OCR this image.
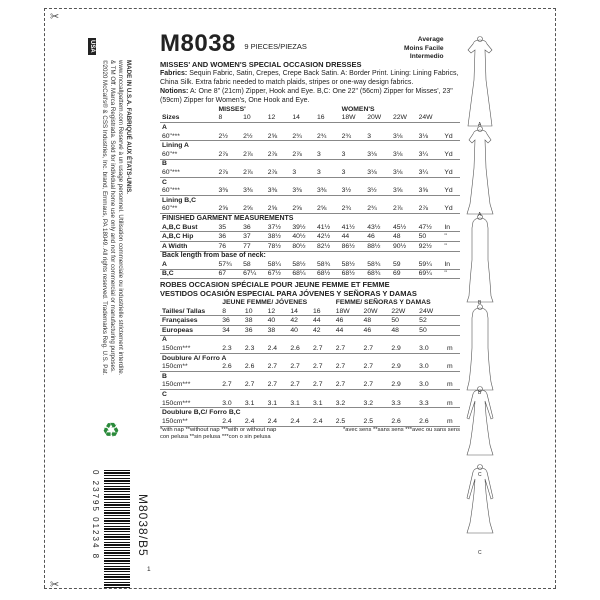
✂
✂
USA
©2020 McCall's® & CSS Industries, Inc. brand, Emmaus, PA 18049. All rights reserved. Trademarks Reg. U.S. Pat. & TM Off. Marca Registrada. Sold for individual home use only and not for commercial or manufacturing purposes. www.mccallpattern.com Reservé à un usage personnel. Utilisation commerciale ou industrielle strictement interdite. MADE IN U.S.A. FABRIQUÉ AUX ÉTATS-UNIS.
♻
0 23795 01234 8	M8038/B5
1
M8038 9 PIECES/PIEZAS
MISSES' AND WOMEN'S SPECIAL OCCASION DRESSES
Fabrics: Sequin Fabric, Satin, Crepes, Crepe Back Satin. A: Border Print. Lining: Lining Fabrics, China Silk. Extra fabric needed to match plaids, stripes or one-way design fabrics.
Notions: A: One 8" (21cm) Zipper, Hook and Eye. B,C: One 22" (56cm) Zipper for Misses', 23" (59cm) Zipper for Women's, One Hook and Eye.
	MISSES'					WOMEN'S				
Sizes	8	10	12	14	16	18W	20W	22W	24W	
A										
60"***	2½	2½	2⅝	2¾	2¾	2¾	3	3⅛	3⅛	Yd
Lining A										
60"**	2⅞	2⅞	2⅞	2⅞	3	3	3⅛	3⅛	3¼	Yd
B										
60"***	2⅞	2⅞	2⅞	3	3	3	3⅛	3⅛	3¼	Yd
C										
60"***	3⅜	3⅜	3⅜	3⅜	3⅜	3½	3½	3⅝	3⅝	Yd
Lining B,C										
60"**	2⅝	2⅝	2⅝	2⅝	2⅝	2¾	2¾	2⅞	2⅞	Yd
FINISHED GARMENT MEASUREMENTS										
A,B,C Bust	35	36	37½	39½	41½	41½	43½	45½	47½	In
A,B,C Hip	36	37	38½	40½	42½	44	46	48	50	"
A Width	76	77	78½	80½	82½	86½	88½	90½	92½	"
Back length from base of neck:										
A	57¾	58	58¼	58½	58¾	58½	58¾	59	59¼	In
B,C	67	67¼	67½	68¼	68½	68½	68¾	69	69¼	"
ROBES OCCASION SPÉCIALE POUR JEUNE FEMME ET FEMME
VESTIDOS OCASIÓN ESPECIAL PARA JÓVENES Y SEÑORAS Y DAMAS
	JEUNE FEMME/ JÓVENES					FEMME/ SEÑORAS Y DAMAS				
Tailles/ Tallas	8	10	12	14	16	18W	20W	22W	24W	
Françaises	36	38	40	42	44	46	48	50	52	
Europeas	34	36	38	40	42	44	46	48	50	
A										
150cm***	2.3	2.3	2.4	2.6	2.7	2.7	2.7	2.9	3.0	m
Doublure A/ Forro A										
150cm**	2.6	2.6	2.7	2.7	2.7	2.7	2.7	2.9	3.0	m
B										
150cm***	2.7	2.7	2.7	2.7	2.7	2.7	2.7	2.9	3.0	m
C										
150cm***	3.0	3.1	3.1	3.1	3.1	3.2	3.2	3.3	3.3	m
Doublure B,C/ Forro B,C										
150cm**	2.4	2.4	2.4	2.4	2.4	2.5	2.5	2.6	2.6	m
*with nap **without nap ***with or without nap
con pelusa **sin pelusa ***con o sin pelusa
*avec sens **sans sens ***avec ou sans sens
Average
Moins Facile
Intermedio
A
A
B
B
C
C
